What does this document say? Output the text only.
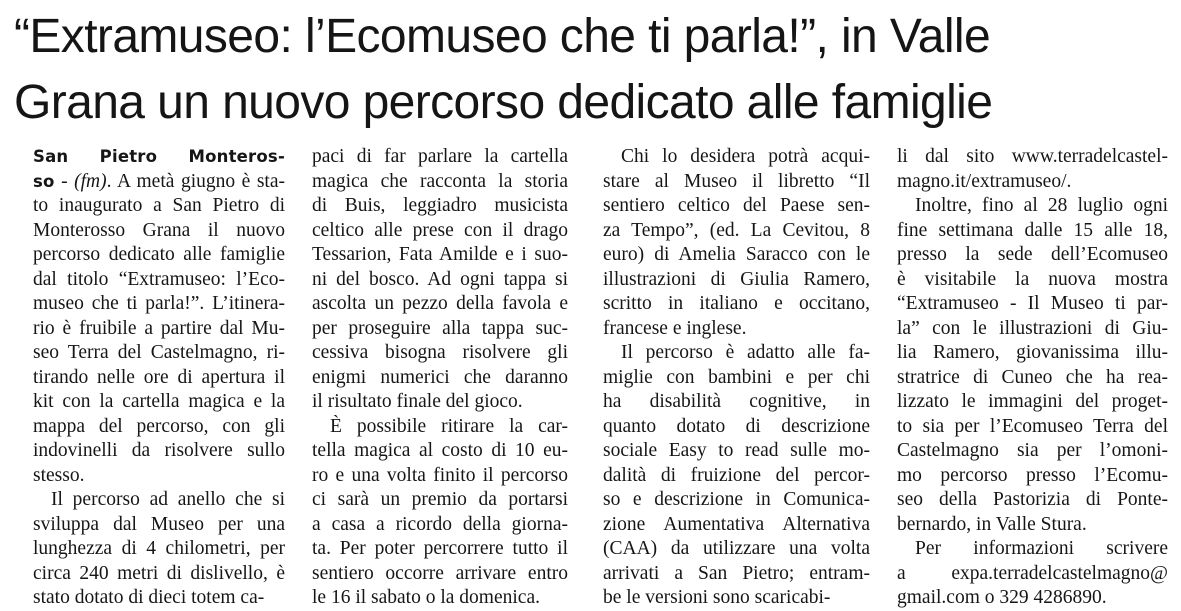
“Extramuseo: l’Ecomuseo che ti parla!”, in Valle
Grana un nuovo percorso dedicato alle famiglie
San Pietro Monteros-
so - (fm). A metà giugno è sta-
to inaugurato a San Pietro di
Monterosso Grana il nuovo
percorso dedicato alle famiglie
dal titolo “Extramuseo: l’Eco-
museo che ti parla!”. L’itinera-
rio è fruibile a partire dal Mu-
seo Terra del Castelmagno, ri-
tirando nelle ore di apertura il
kit con la cartella magica e la
mappa del percorso, con gli
indovinelli da risolvere sullo
stesso.
Il percorso ad anello che si
sviluppa dal Museo per una
lunghezza di 4 chilometri, per
circa 240 metri di dislivello, è
stato dotato di dieci totem ca-
paci di far parlare la cartella
magica che racconta la storia
di Buis, leggiadro musicista
celtico alle prese con il drago
Tessarion, Fata Amilde e i suo-
ni del bosco. Ad ogni tappa si
ascolta un pezzo della favola e
per proseguire alla tappa suc-
cessiva bisogna risolvere gli
enigmi numerici che daranno
il risultato finale del gioco.
È possibile ritirare la car-
tella magica al costo di 10 eu-
ro e una volta finito il percorso
ci sarà un premio da portarsi
a casa a ricordo della giorna-
ta. Per poter percorrere tutto il
sentiero occorre arrivare entro
le 16 il sabato o la domenica.
Chi lo desidera potrà acqui-
stare al Museo il libretto “Il
sentiero celtico del Paese sen-
za Tempo”, (ed. La Cevitou, 8
euro) di Amelia Saracco con le
illustrazioni di Giulia Ramero,
scritto in italiano e occitano,
francese e inglese.
Il percorso è adatto alle fa-
miglie con bambini e per chi
ha disabilità cognitive, in
quanto dotato di descrizione
sociale Easy to read sulle mo-
dalità di fruizione del percor-
so e descrizione in Comunica-
zione Aumentativa Alternativa
(CAA) da utilizzare una volta
arrivati a San Pietro; entram-
be le versioni sono scaricabi-
li dal sito www.terradelcastel-
magno.it/extramuseo/.
Inoltre, fino al 28 luglio ogni
fine settimana dalle 15 alle 18,
presso la sede dell’Ecomuseo
è visitabile la nuova mostra
“Extramuseo - Il Museo ti par-
la” con le illustrazioni di Giu-
lia Ramero, giovanissima illu-
stratrice di Cuneo che ha rea-
lizzato le immagini del proget-
to sia per l’Ecomuseo Terra del
Castelmagno sia per l’omoni-
mo percorso presso l’Ecomu-
seo della Pastorizia di Ponte-
bernardo, in Valle Stura.
Per informazioni scrivere
a expa.terradelcastelmagno@
gmail.com o 329 4286890.
